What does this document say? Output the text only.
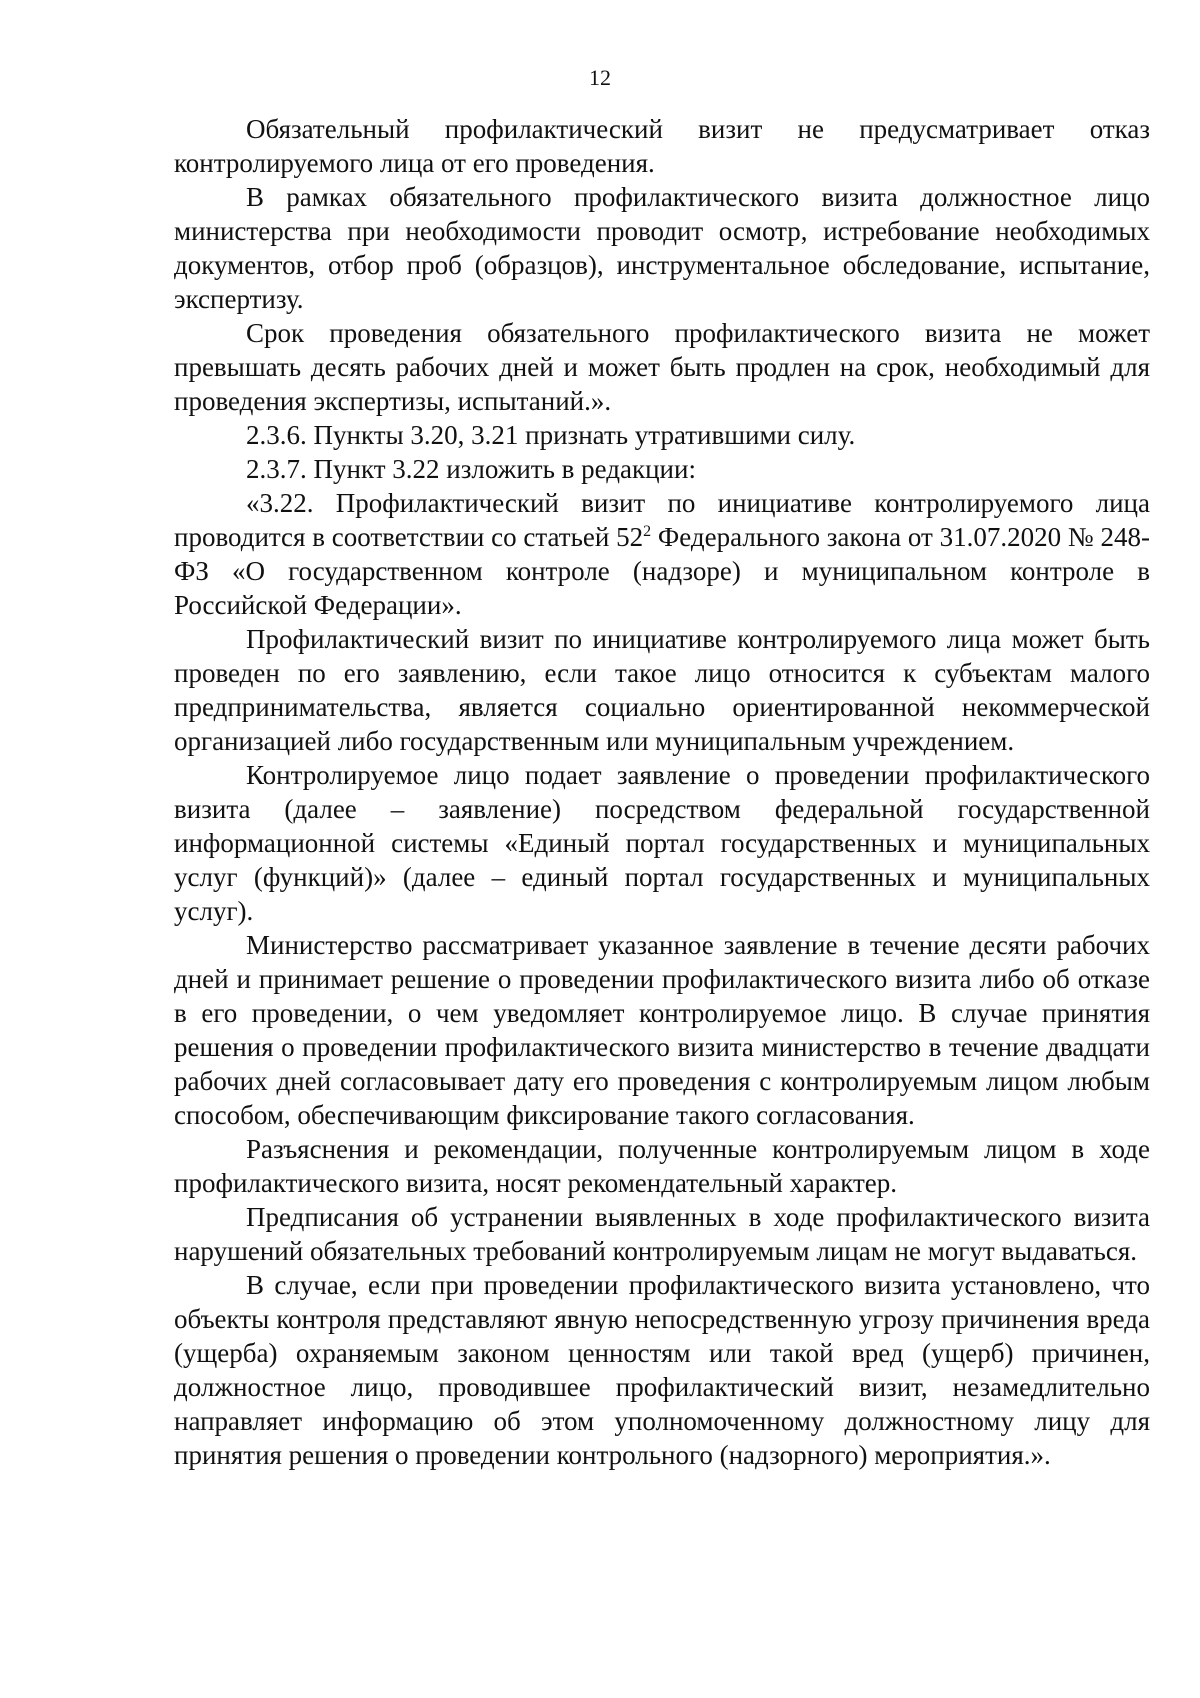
12

Обязательный профилактический визит не предусматривает отказ контролируемого лица от его проведения.

В рамках обязательного профилактического визита должностное лицо министерства при необходимости проводит осмотр, истребование необходимых документов, отбор проб (образцов), инструментальное обследование, испытание, экспертизу.

Срок проведения обязательного профилактического визита не может превышать десять рабочих дней и может быть продлен на срок, необходимый для проведения экспертизы, испытаний.».

2.3.6. Пункты 3.20, 3.21 признать утратившими силу.

2.3.7. Пункт 3.22 изложить в редакции:

«3.22. Профилактический визит по инициативе контролируемого лица проводится в соответствии со статьей $52^2$ Федерального закона от 31.07.2020 № 248-ФЗ «О государственном контроле (надзоре) и муниципальном контроле в Российской Федерации».

Профилактический визит по инициативе контролируемого лица может быть проведен по его заявлению, если такое лицо относится к субъектам малого предпринимательства, является социально ориентированной некоммерческой организацией либо государственным или муниципальным учреждением.

Контролируемое лицо подает заявление о проведении профилактического визита (далее – заявление) посредством федеральной государственной информационной системы «Единый портал государственных и муниципальных услуг (функций)» (далее – единый портал государственных и муниципальных услуг).

Министерство рассматривает указанное заявление в течение десяти рабочих дней и принимает решение о проведении профилактического визита либо об отказе в его проведении, о чем уведомляет контролируемое лицо. В случае принятия решения о проведении профилактического визита министерство в течение двадцати рабочих дней согласовывает дату его проведения с контролируемым лицом любым способом, обеспечивающим фиксирование такого согласования.

Разъяснения и рекомендации, полученные контролируемым лицом в ходе профилактического визита, носят рекомендательный характер.

Предписания об устранении выявленных в ходе профилактического визита нарушений обязательных требований контролируемым лицам не могут выдаваться.

В случае, если при проведении профилактического визита установлено, что объекты контроля представляют явную непосредственную угрозу причинения вреда (ущерба) охраняемым законом ценностям или такой вред (ущерб) причинен, должностное лицо, проводившее профилактический визит, незамедлительно направляет информацию об этом уполномоченному должностному лицу для принятия решения о проведении контрольного (надзорного) мероприятия.».
